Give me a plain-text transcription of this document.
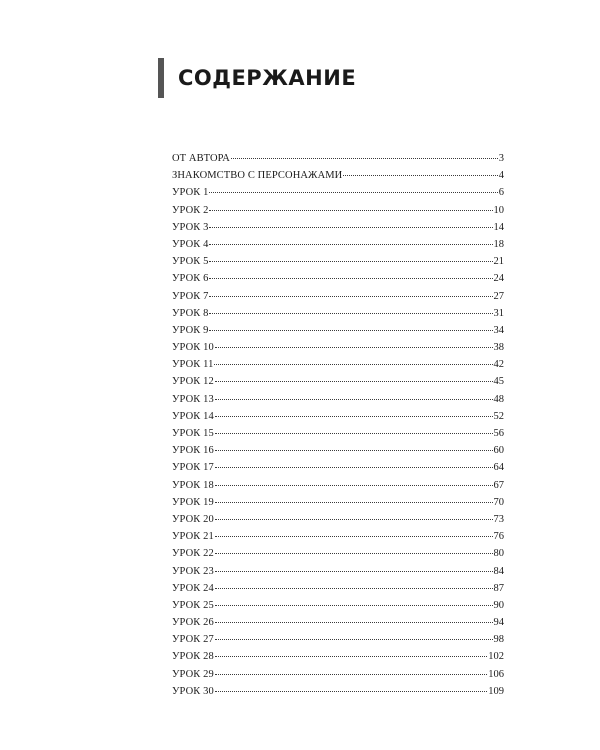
СОДЕРЖАНИЕ
ОТ АВТОРА	3
ЗНАКОМСТВО С ПЕРСОНАЖАМИ	4
УРОК 1	6
УРОК 2	10
УРОК 3	14
УРОК 4	18
УРОК 5	21
УРОК 6	24
УРОК 7	27
УРОК 8	31
УРОК 9	34
УРОК 10	38
УРОК 11	42
УРОК 12	45
УРОК 13	48
УРОК 14	52
УРОК 15	56
УРОК 16	60
УРОК 17	64
УРОК 18	67
УРОК 19	70
УРОК 20	73
УРОК 21	76
УРОК 22	80
УРОК 23	84
УРОК 24	87
УРОК 25	90
УРОК 26	94
УРОК 27	98
УРОК 28	102
УРОК 29	106
УРОК 30	109
